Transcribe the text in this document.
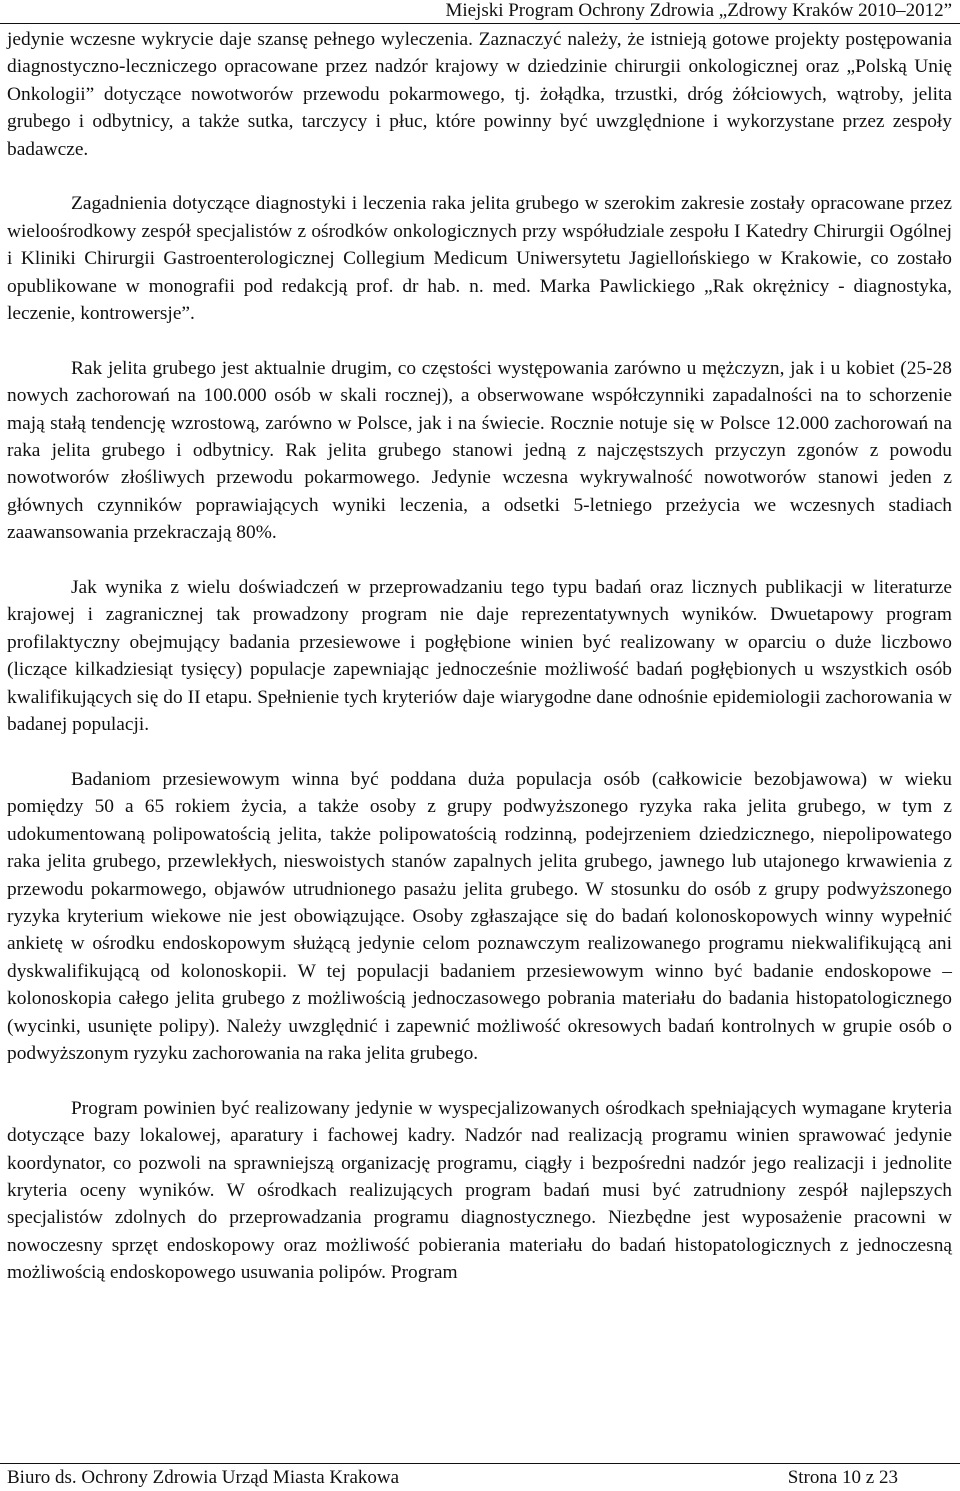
Miejski Program Ochrony Zdrowia „Zdrowy Kraków 2010–2012”

jedynie wczesne wykrycie daje szansę pełnego wyleczenia. Zaznaczyć należy, że istnieją gotowe projekty postępowania diagnostyczno-leczniczego opracowane przez nadzór krajowy w dziedzinie chirurgii onkologicznej oraz „Polską Unię Onkologii” dotyczące nowotworów przewodu pokarmowego, tj. żołądka, trzustki, dróg żółciowych, wątroby, jelita grubego i odbytnicy, a także sutka, tarczycy i płuc, które powinny być uwzględnione i wykorzystane przez zespoły badawcze.

Zagadnienia dotyczące diagnostyki i leczenia raka jelita grubego w szerokim zakresie zostały opracowane przez wieloośrodkowy zespół specjalistów z ośrodków onkologicznych przy współudziale zespołu I Katedry Chirurgii Ogólnej i Kliniki Chirurgii Gastroenterologicznej Collegium Medicum Uniwersytetu Jagiellońskiego w Krakowie, co zostało opublikowane w monografii pod redakcją prof. dr hab. n. med. Marka Pawlickiego „Rak okrężnicy - diagnostyka, leczenie, kontrowersje”.

Rak jelita grubego jest aktualnie drugim, co częstości występowania zarówno u mężczyzn, jak i u kobiet (25-28 nowych zachorowań na 100.000 osób w skali rocznej), a obserwowane współczynniki zapadalności na to schorzenie mają stałą tendencję wzrostową, zarówno w Polsce, jak i na świecie. Rocznie notuje się w Polsce 12.000 zachorowań na raka jelita grubego i odbytnicy. Rak jelita grubego stanowi jedną z najczęstszych przyczyn zgonów z powodu nowotworów złośliwych przewodu pokarmowego. Jedynie wczesna wykrywalność nowotworów stanowi jeden z głównych czynników poprawiających wyniki leczenia, a odsetki 5-letniego przeżycia we wczesnych stadiach zaawansowania przekraczają 80%.

Jak wynika z wielu doświadczeń w przeprowadzaniu tego typu badań oraz licznych publikacji w literaturze krajowej i zagranicznej tak prowadzony program nie daje reprezentatywnych wyników. Dwuetapowy program profilaktyczny obejmujący badania przesiewowe i pogłębione winien być realizowany w oparciu o duże liczbowo (liczące kilkadziesiąt tysięcy) populacje zapewniając jednocześnie możliwość badań pogłębionych u wszystkich osób kwalifikujących się do II etapu. Spełnienie tych kryteriów daje wiarygodne dane odnośnie epidemiologii zachorowania w badanej populacji.

Badaniom przesiewowym winna być poddana duża populacja osób (całkowicie bezobjawowa) w wieku pomiędzy 50 a 65 rokiem życia, a także osoby z grupy podwyższonego ryzyka raka jelita grubego, w tym z udokumentowaną polipowatością jelita, także polipowatością rodzinną, podejrzeniem dziedzicznego, niepolipowatego raka jelita grubego, przewlekłych, nieswoistych stanów zapalnych jelita grubego, jawnego lub utajonego krwawienia z przewodu pokarmowego, objawów utrudnionego pasażu jelita grubego. W stosunku do osób z grupy podwyższonego ryzyka kryterium wiekowe nie jest obowiązujące. Osoby zgłaszające się do badań kolonoskopowych winny wypełnić ankietę w ośrodku endoskopowym służącą jedynie celom poznawczym realizowanego programu niekwalifikującą ani dyskwalifikującą od kolonoskopii. W tej populacji badaniem przesiewowym winno być badanie endoskopowe – kolonoskopia całego jelita grubego z możliwością jednoczasowego pobrania materiału do badania histopatologicznego (wycinki, usunięte polipy). Należy uwzględnić i zapewnić możliwość okresowych badań kontrolnych w grupie osób o podwyższonym ryzyku zachorowania na raka jelita grubego.

Program powinien być realizowany jedynie w wyspecjalizowanych ośrodkach spełniających wymagane kryteria dotyczące bazy lokalowej, aparatury i fachowej kadry. Nadzór nad realizacją programu winien sprawować jedynie koordynator, co pozwoli na sprawniejszą organizację programu, ciągły i bezpośredni nadzór jego realizacji i jednolite kryteria oceny wyników. W ośrodkach realizujących program badań musi być zatrudniony zespół najlepszych specjalistów zdolnych do przeprowadzania programu diagnostycznego. Niezbędne jest wyposażenie pracowni w nowoczesny sprzęt endoskopowy oraz możliwość pobierania materiału do badań histopatologicznych z jednoczesną możliwością endoskopowego usuwania polipów. Program

Biuro ds. Ochrony Zdrowia Urząd Miasta Krakowa	Strona 10 z 23
